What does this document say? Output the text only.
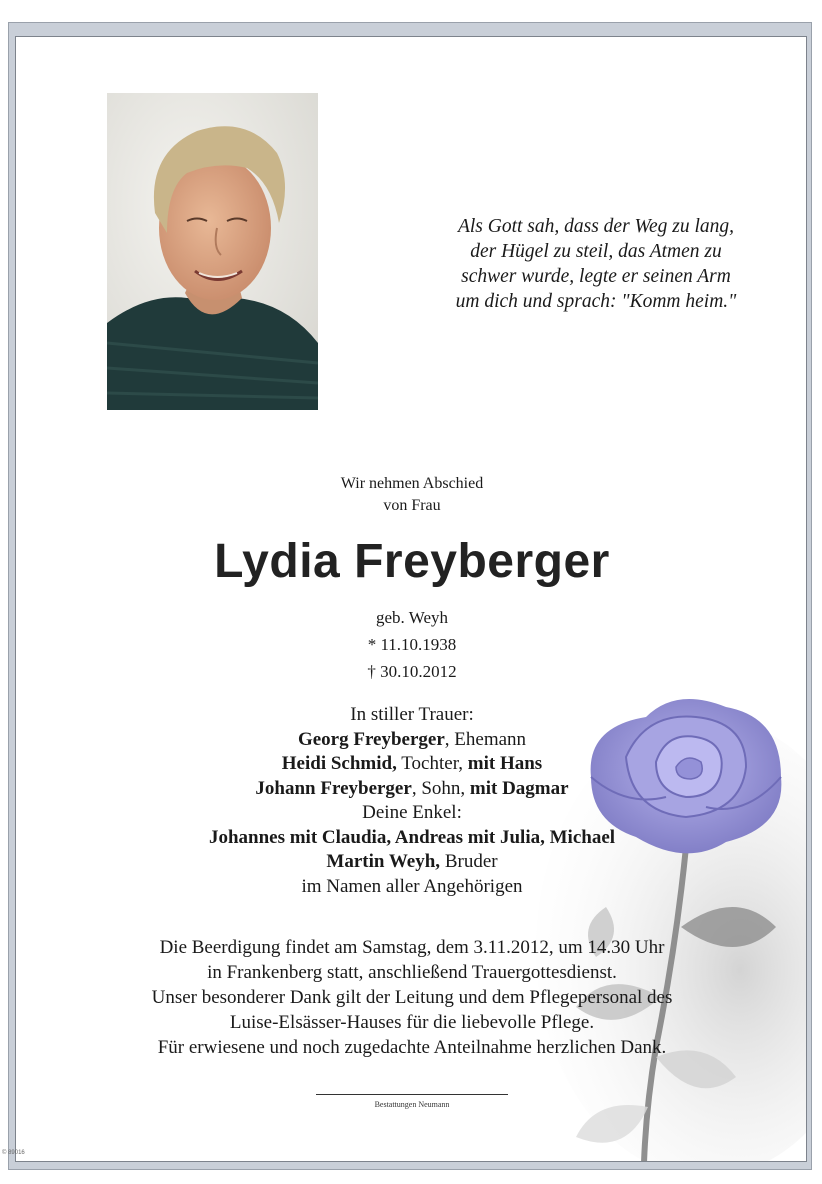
Als Gott sah, dass der Weg zu lang,
der Hügel zu steil, das Atmen zu
schwer wurde, legte er seinen Arm
um dich und sprach: "Komm heim."
Wir nehmen Abschied
von Frau
Lydia Freyberger
geb. Weyh
* 11.10.1938
† 30.10.2012
In stiller Trauer:
Georg Freyberger, Ehemann
Heidi Schmid, Tochter, mit Hans
Johann Freyberger, Sohn, mit Dagmar
Deine Enkel:
Johannes mit Claudia, Andreas mit Julia, Michael
Martin Weyh, Bruder
im Namen aller Angehörigen
Die Beerdigung findet am Samstag, dem 3.11.2012, um 14.30 Uhr
in Frankenberg statt, anschließend Trauergottesdienst.
Unser besonderer Dank gilt der Leitung und dem Pflegepersonal des
Luise-Elsässer-Hauses für die liebevolle Pflege.
Für erwiesene und noch zugedachte Anteilnahme herzlichen Dank.
Bestattungen Neumann
© 89016
